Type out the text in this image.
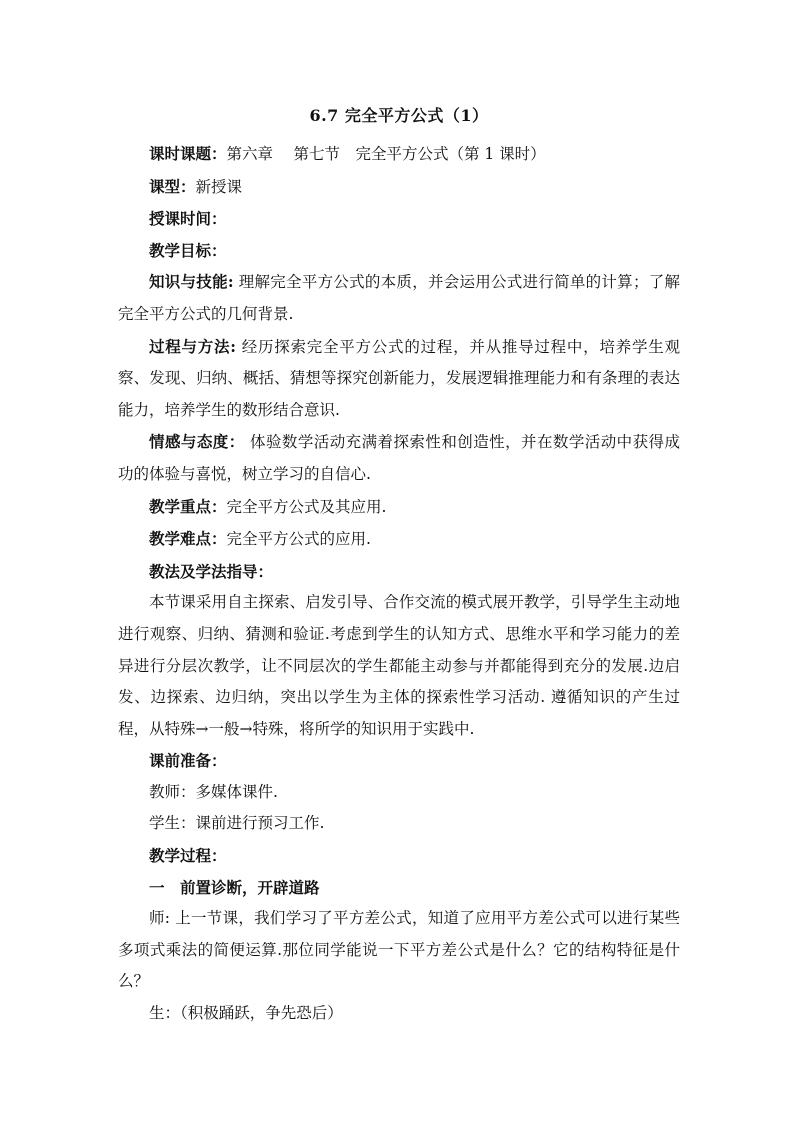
6.7 完全平方公式（1）

课时课题：第六章　 第七节　完全平方公式（第 1 课时）

课型：新授课

授课时间：

教学目标：

知识与技能: 理解完全平方公式的本质，并会运用公式进行简单的计算；了解完全平方公式的几何背景.

过程与方法: 经历探索完全平方公式的过程，并从推导过程中，培养学生观察、发现、归纳、概括、猜想等探究创新能力，发展逻辑推理能力和有条理的表达能力，培养学生的数形结合意识.

情感与态度： 体验数学活动充满着探索性和创造性，并在数学活动中获得成功的体验与喜悦，树立学习的自信心.

教学重点：完全平方公式及其应用.

教学难点：完全平方公式的应用.

教法及学法指导：

本节课采用自主探索、启发引导、合作交流的模式展开教学，引导学生主动地进行观察、归纳、猜测和验证.考虑到学生的认知方式、思维水平和学习能力的差异进行分层次教学，让不同层次的学生都能主动参与并都能得到充分的发展.边启发、边探索、边归纳，突出以学生为主体的探索性学习活动. 遵循知识的产生过程，从特殊→一般→特殊，将所学的知识用于实践中.

课前准备：

教师：多媒体课件.

学生：课前进行预习工作.

教学过程：

一　前置诊断，开辟道路

师: 上一节课，我们学习了平方差公式，知道了应用平方差公式可以进行某些多项式乘法的简便运算.那位同学能说一下平方差公式是什么？它的结构特征是什么？

生：（积极踊跃，争先恐后）
